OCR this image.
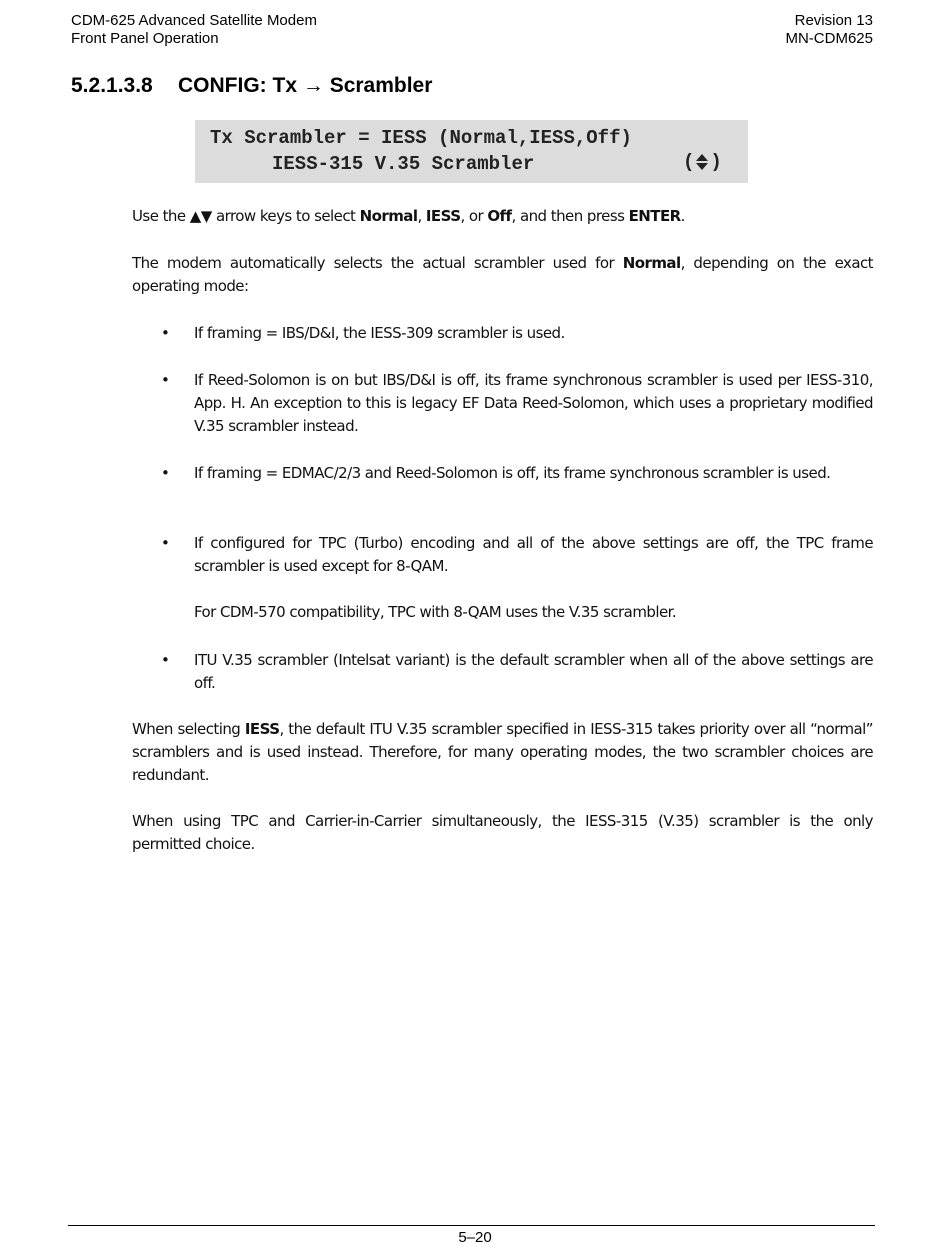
CDM-625 Advanced Satellite Modem
Front Panel Operation
Revision 13
MN-CDM625
5.2.1.3.8 CONFIG: Tx → Scrambler
Tx Scrambler = IESS (Normal,IESS,Off)
IESS-315 V.35 Scrambler	( )

Use the ▲▼ arrow keys to select Normal, IESS, or Off, and then press ENTER.

The modem automatically selects the actual scrambler used for Normal, depending on the exact operating mode:

• If framing = IBS/D&I, the IESS-309 scrambler is used.
• If Reed-Solomon is on but IBS/D&I is off, its frame synchronous scrambler is used per IESS-310, App. H. An exception to this is legacy EF Data Reed-Solomon, which uses a proprietary modified V.35 scrambler instead.
• If framing = EDMAC/2/3 and Reed-Solomon is off, its frame synchronous scrambler is used.
• If configured for TPC (Turbo) encoding and all of the above settings are off, the TPC frame scrambler is used except for 8-QAM.

For CDM-570 compatibility, TPC with 8-QAM uses the V.35 scrambler.

• ITU V.35 scrambler (Intelsat variant) is the default scrambler when all of the above settings are off.

When selecting IESS, the default ITU V.35 scrambler specified in IESS-315 takes priority over all “normal” scramblers and is used instead. Therefore, for many operating modes, the two scrambler choices are redundant.

When using TPC and Carrier-in-Carrier simultaneously, the IESS-315 (V.35) scrambler is the only permitted choice.

5–20
